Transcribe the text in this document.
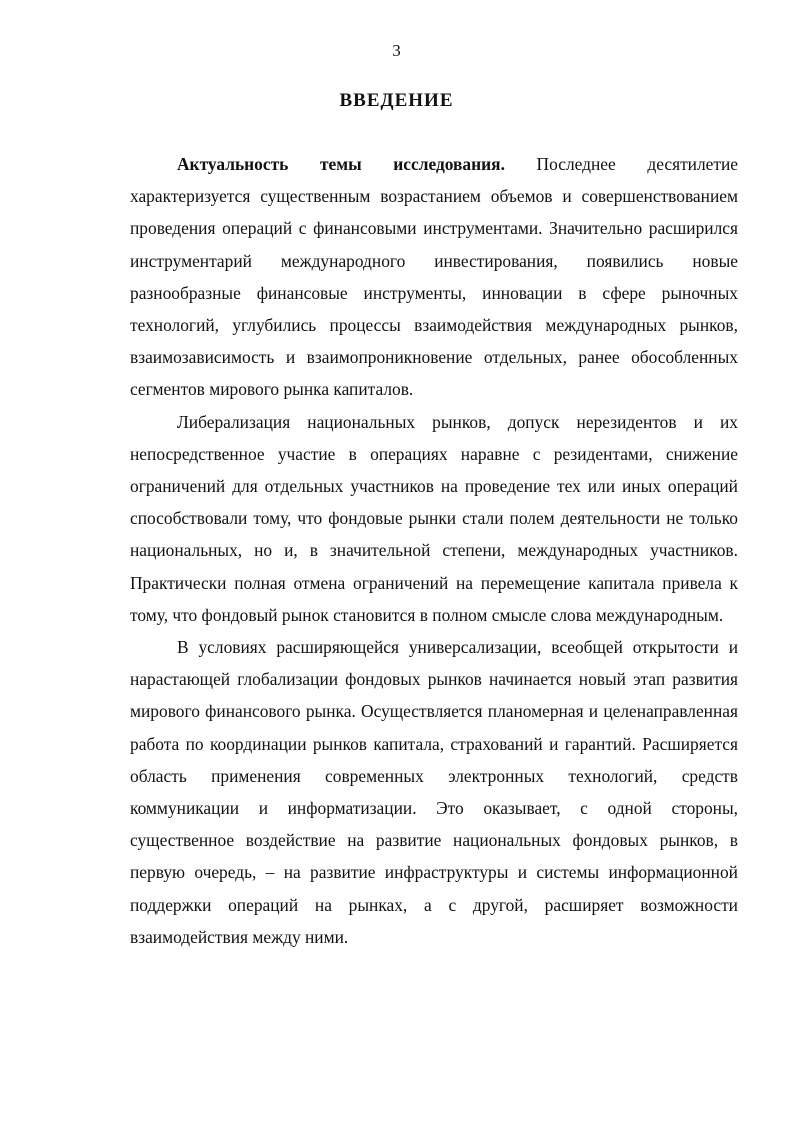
3
ВВЕДЕНИЕ

Актуальность темы исследования. Последнее десятилетие характеризуется существенным возрастанием объемов и совершенствованием проведения операций с финансовыми инструментами. Значительно расширился инструментарий международного инвестирования, появились новые разнообразные финансовые инструменты, инновации в сфере рыночных технологий, углубились процессы взаимодействия международных рынков, взаимозависимость и взаимопроникновение отдельных, ранее обособленных сегментов мирового рынка капиталов.

Либерализация национальных рынков, допуск нерезидентов и их непосредственное участие в операциях наравне с резидентами, снижение ограничений для отдельных участников на проведение тех или иных операций способствовали тому, что фондовые рынки стали полем деятельности не только национальных, но и, в значительной степени, международных участников. Практически полная отмена ограничений на перемещение капитала привела к тому, что фондовый рынок становится в полном смысле слова международным.

В условиях расширяющейся универсализации, всеобщей открытости и нарастающей глобализации фондовых рынков начинается новый этап развития мирового финансового рынка. Осуществляется планомерная и целенаправленная работа по координации рынков капитала, страхований и гарантий. Расширяется область применения современных электронных технологий, средств коммуникации и информатизации. Это оказывает, с одной стороны, существенное воздействие на развитие национальных фондовых рынков, в первую очередь, – на развитие инфраструктуры и системы информационной поддержки операций на рынках, а с другой, расширяет возможности взаимодействия между ними.
